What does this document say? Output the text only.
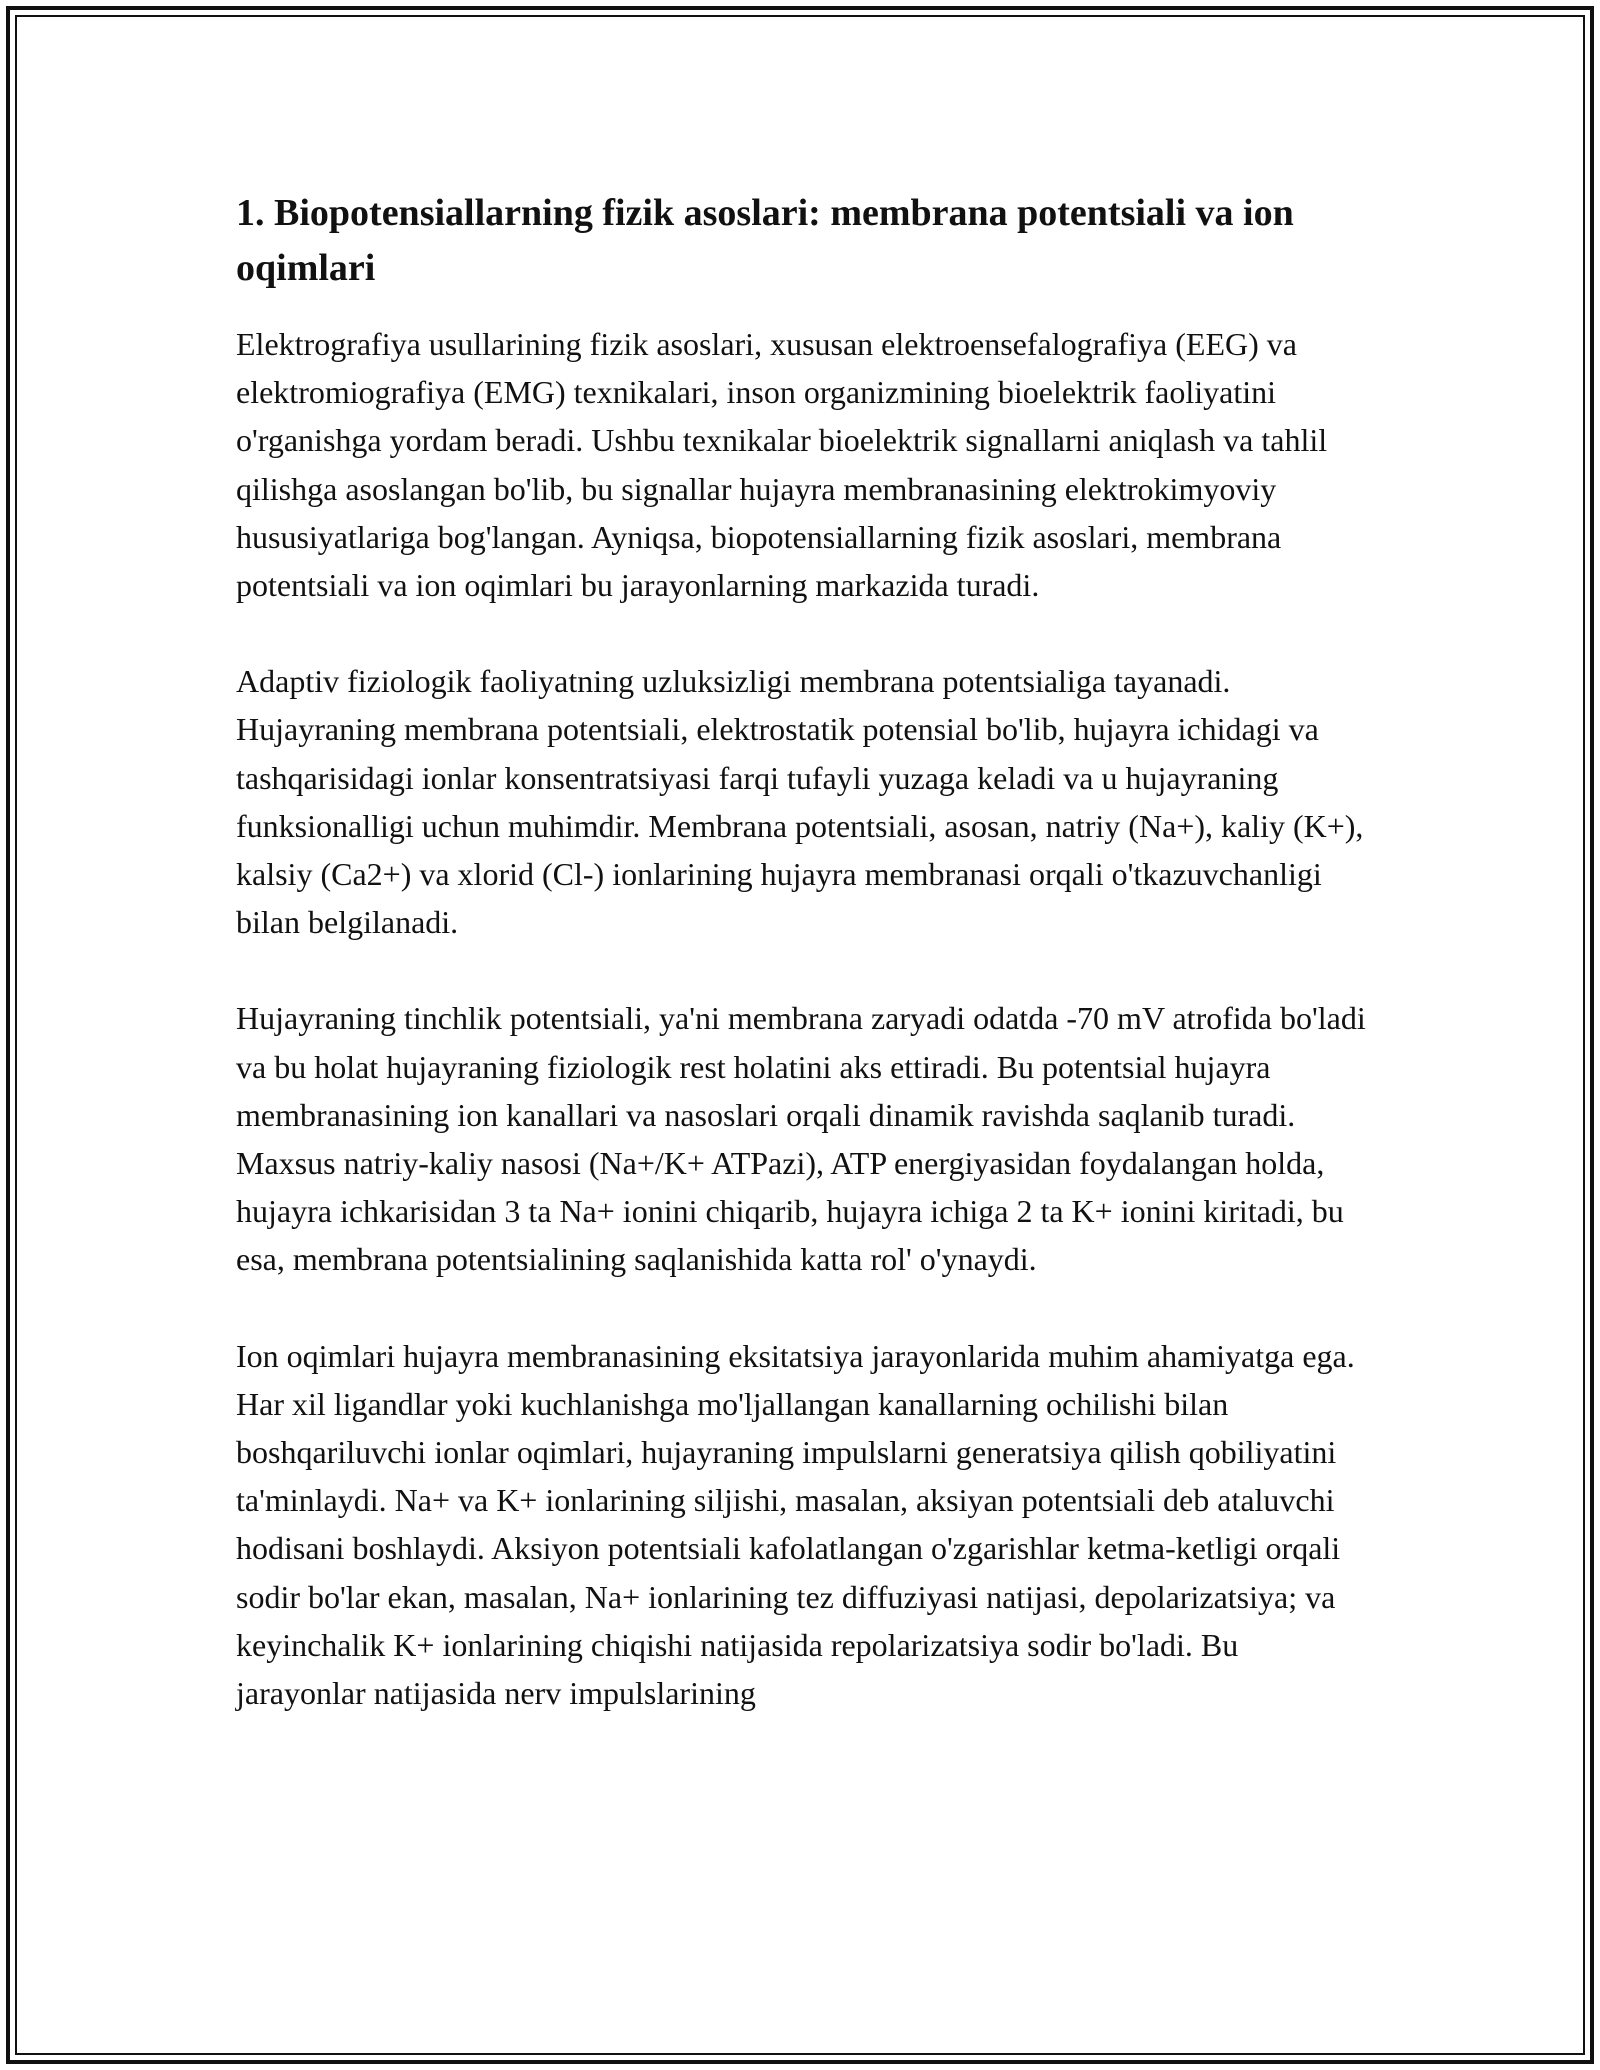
1. Biopotensiallarning fizik asoslari: membrana potentsiali va ion oqimlari

Elektrografiya usullarining fizik asoslari, xususan elektroensefalografiya (EEG) va elektromiografiya (EMG) texnikalari, inson organizmining bioelektrik faoliyatini o'rganishga yordam beradi. Ushbu texnikalar bioelektrik signallarni aniqlash va tahlil qilishga asoslangan bo'lib, bu signallar hujayra membranasining elektrokimyoviy hususiyatlariga bog'langan. Ayniqsa, biopotensiallarning fizik asoslari, membrana potentsiali va ion oqimlari bu jarayonlarning markazida turadi.

Adaptiv fiziologik faoliyatning uzluksizligi membrana potentsialiga tayanadi. Hujayraning membrana potentsiali, elektrostatik potensial bo'lib, hujayra ichidagi va tashqarisidagi ionlar konsentratsiyasi farqi tufayli yuzaga keladi va u hujayraning funksionalligi uchun muhimdir. Membrana potentsiali, asosan, natriy (Na+), kaliy (K+), kalsiy (Ca2+) va xlorid (Cl-) ionlarining hujayra membranasi orqali o'tkazuvchanligi bilan belgilanadi.

Hujayraning tinchlik potentsiali, ya'ni membrana zaryadi odatda -70 mV atrofida bo'ladi va bu holat hujayraning fiziologik rest holatini aks ettiradi. Bu potentsial hujayra membranasining ion kanallari va nasoslari orqali dinamik ravishda saqlanib turadi. Maxsus natriy-kaliy nasosi (Na+/K+ ATPazi), ATP energiyasidan foydalangan holda, hujayra ichkarisidan 3 ta Na+ ionini chiqarib, hujayra ichiga 2 ta K+ ionini kiritadi, bu esa, membrana potentsialining saqlanishida katta rol' o'ynaydi.

Ion oqimlari hujayra membranasining eksitatsiya jarayonlarida muhim ahamiyatga ega. Har xil ligandlar yoki kuchlanishga mo'ljallangan kanallarning ochilishi bilan boshqariluvchi ionlar oqimlari, hujayraning impulslarni generatsiya qilish qobiliyatini ta'minlaydi. Na+ va K+ ionlarining siljishi, masalan, aksiyan potentsiali deb ataluvchi hodisani boshlaydi. Aksiyon potentsiali kafolatlangan o'zgarishlar ketma-ketligi orqali sodir bo'lar ekan, masalan, Na+ ionlarining tez diffuziyasi natijasi, depolarizatsiya; va keyinchalik K+ ionlarining chiqishi natijasida repolarizatsiya sodir bo'ladi. Bu jarayonlar natijasida nerv impulslarining
